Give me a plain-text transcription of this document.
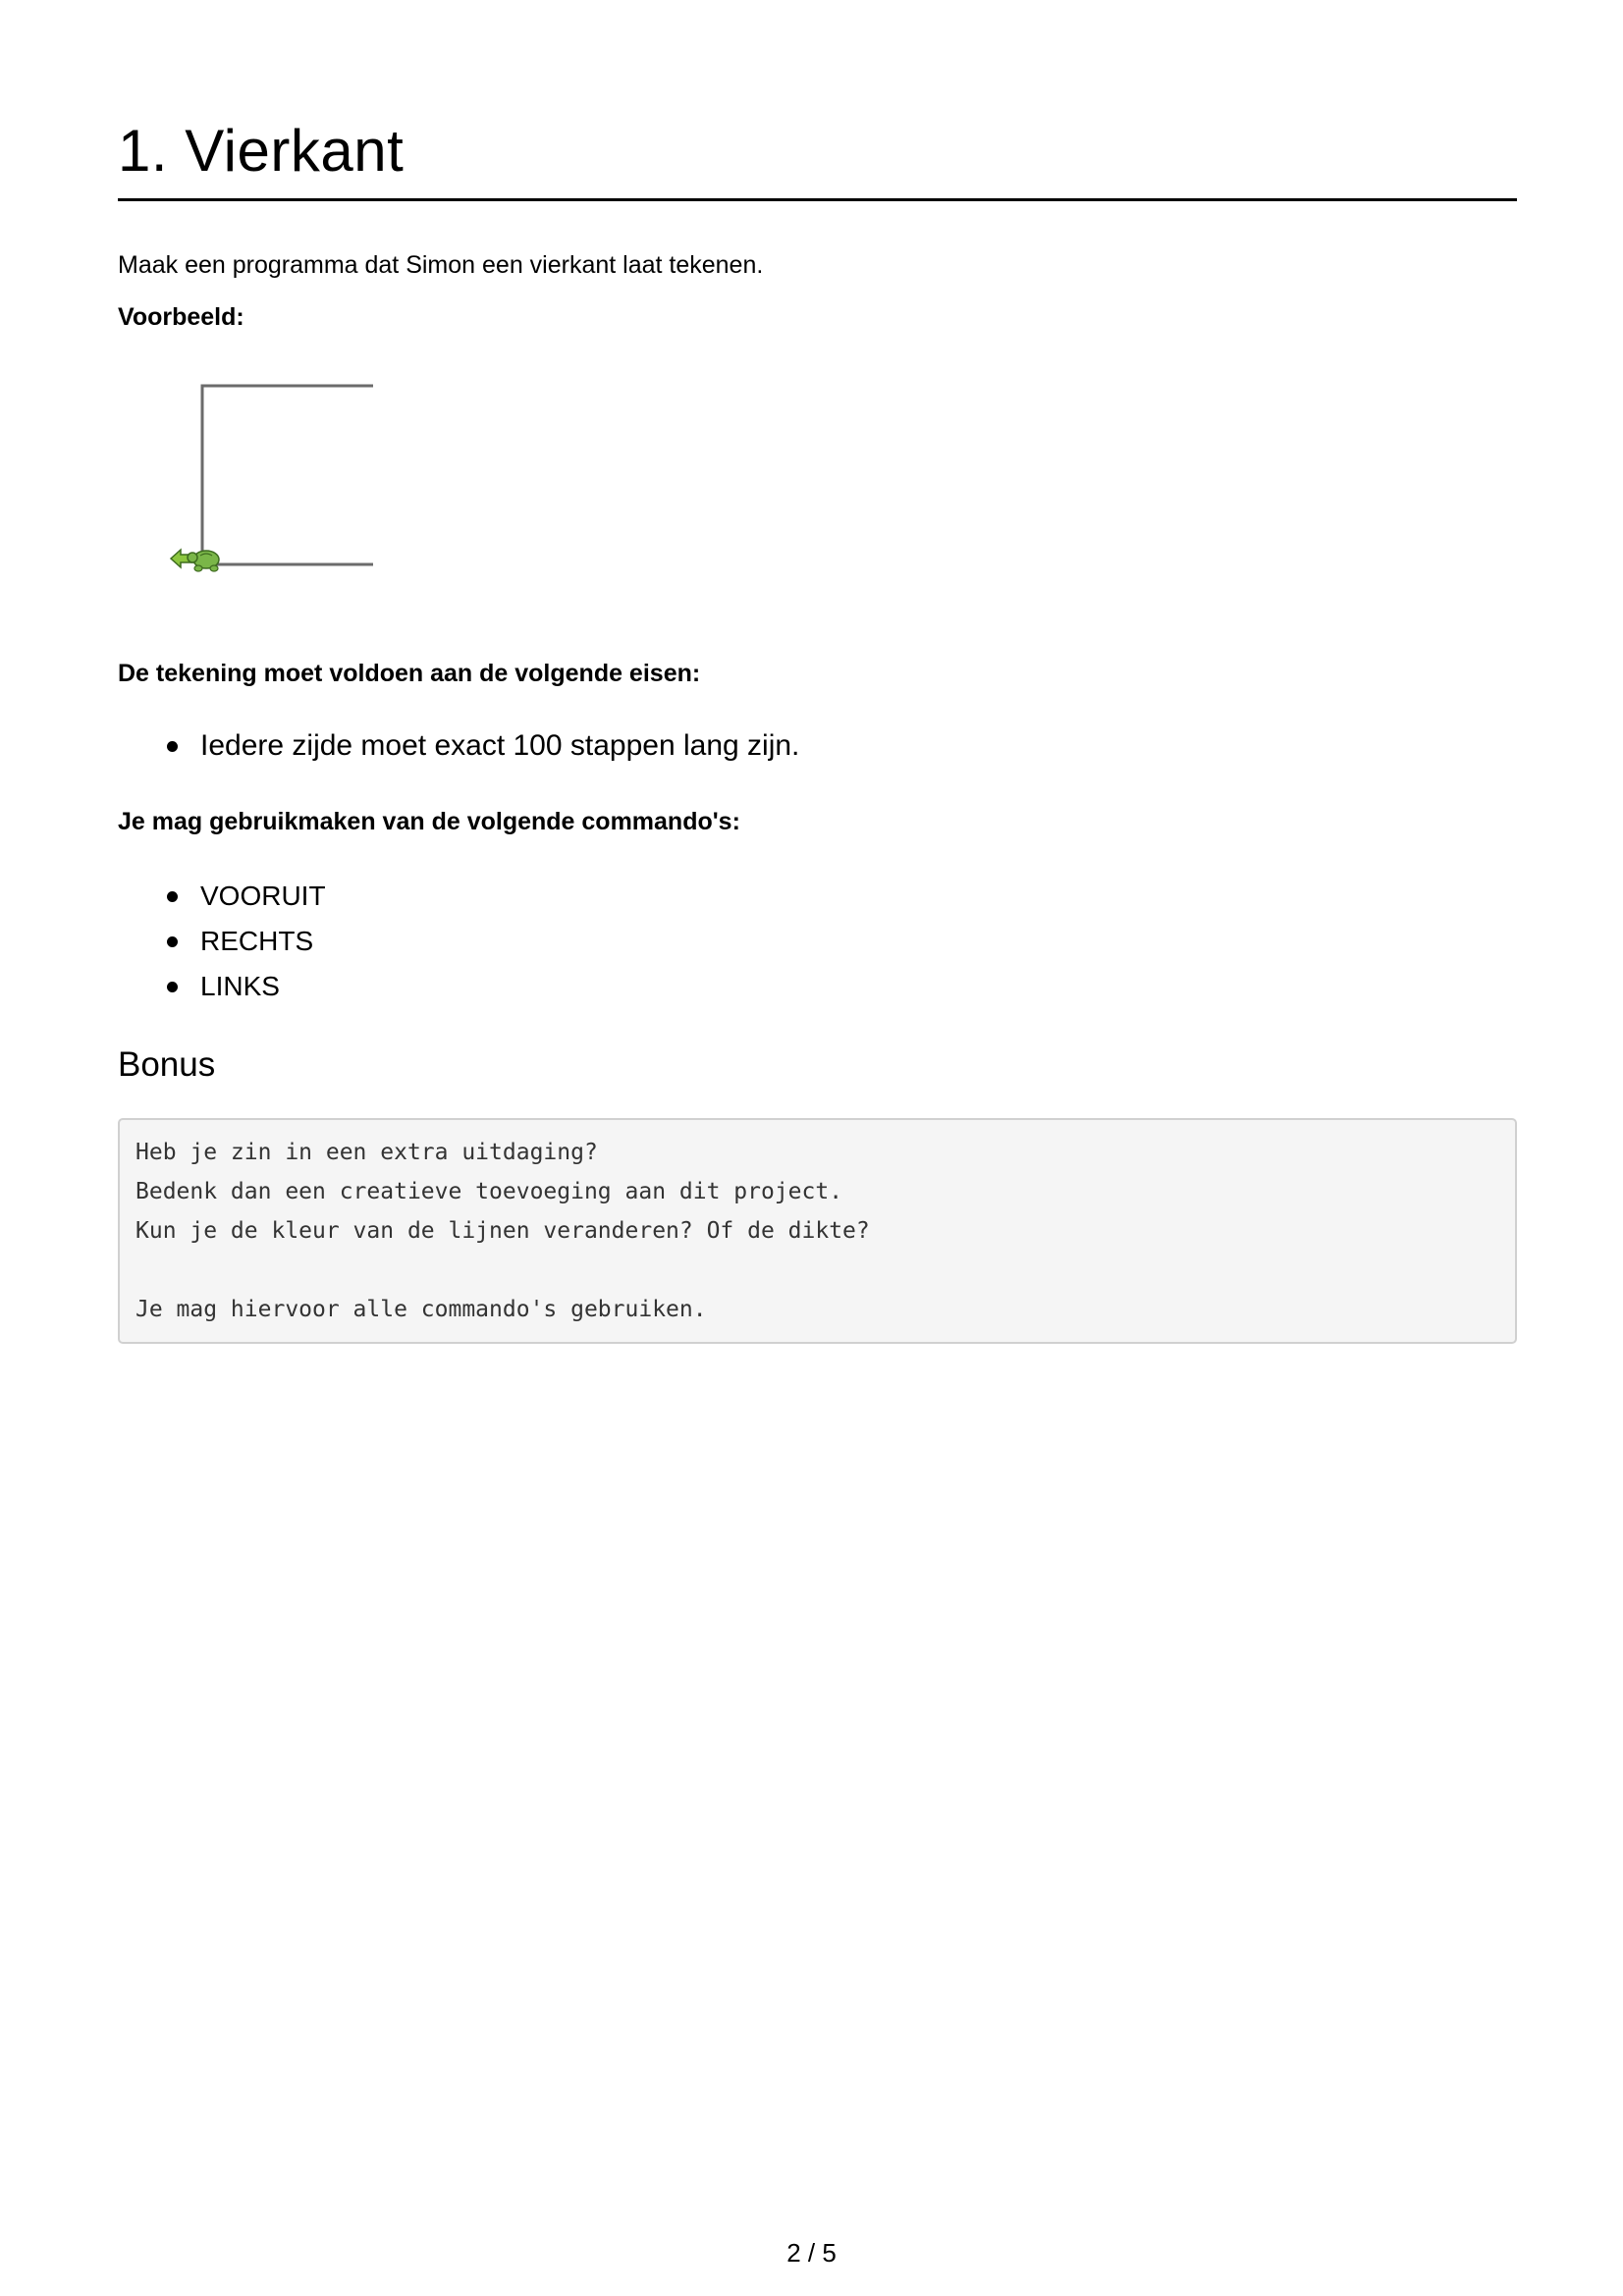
1. Vierkant
Maak een programma dat Simon een vierkant laat tekenen.
Voorbeeld:
De tekening moet voldoen aan de volgende eisen:
Iedere zijde moet exact 100 stappen lang zijn.
Je mag gebruikmaken van de volgende commando's:
VOORUIT
RECHTS
LINKS
Bonus
Heb je zin in een extra uitdaging?
Bedenk dan een creatieve toevoeging aan dit project.
Kun je de kleur van de lijnen veranderen? Of de dikte?
Je mag hiervoor alle commando's gebruiken.
2 / 5
